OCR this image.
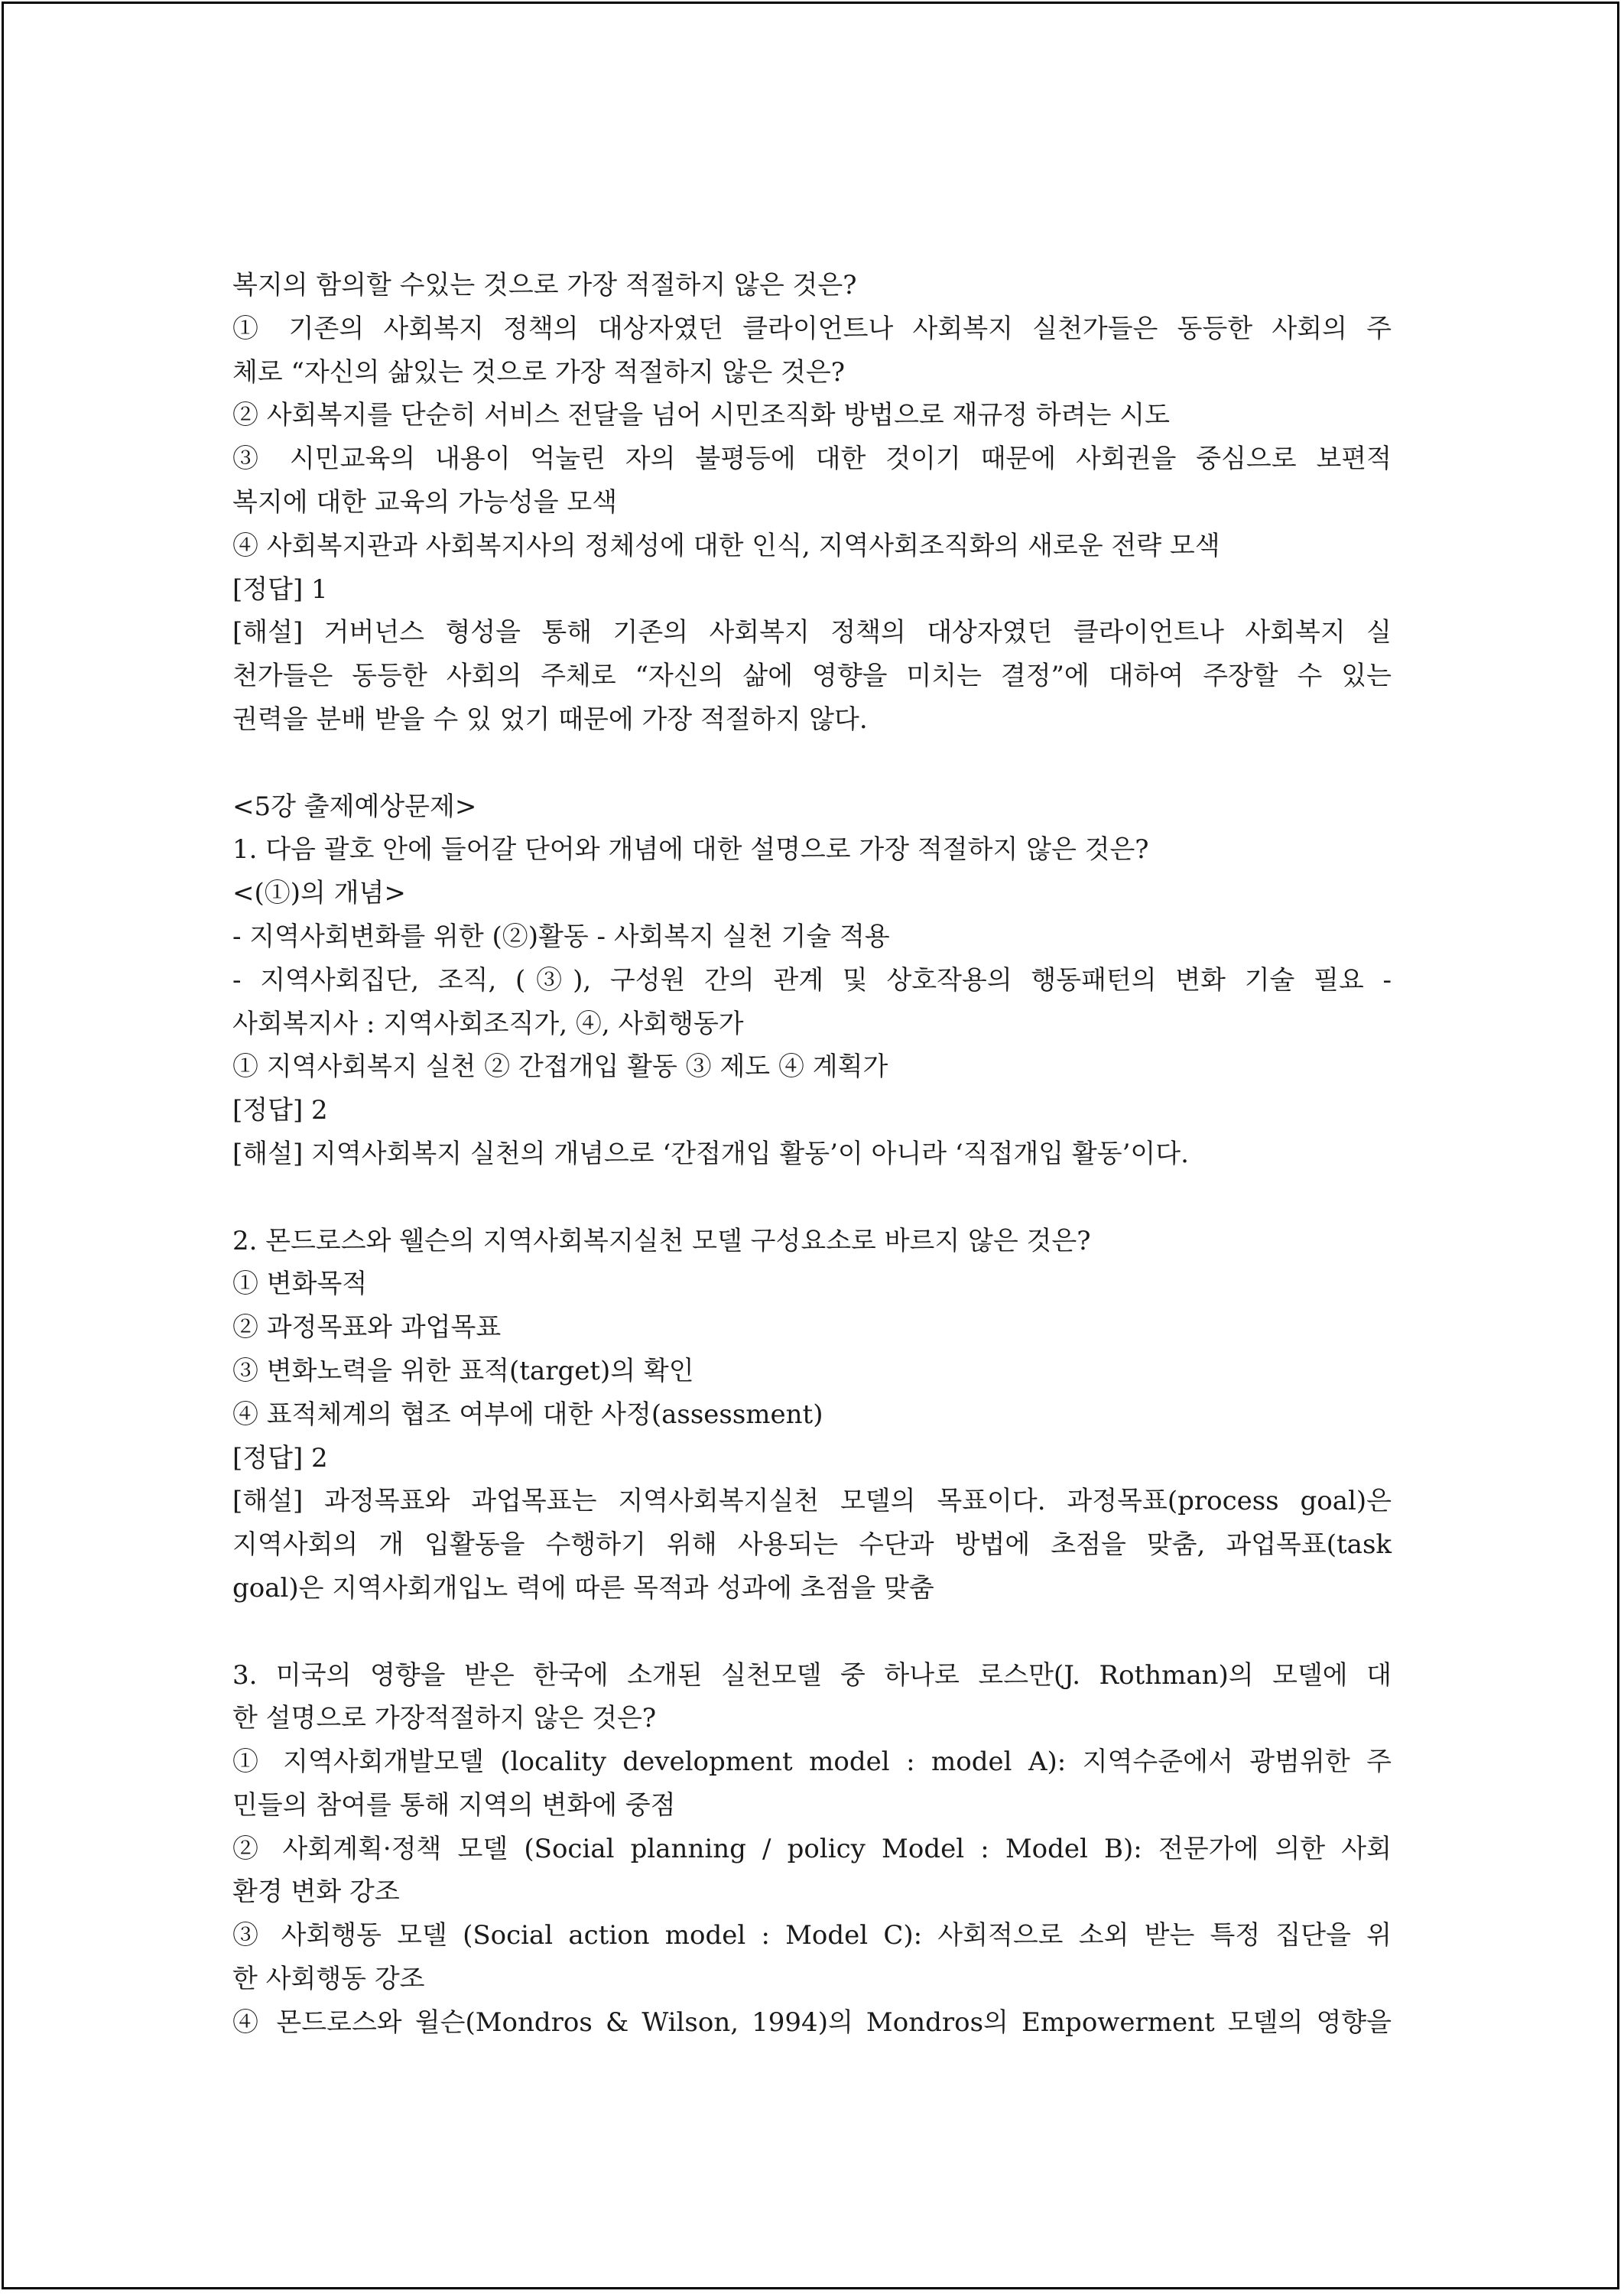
복지의 함의할 수있는 것으로 가장 적절하지 않은 것은?
① 기존의 사회복지 정책의 대상자였던 클라이언트나 사회복지 실천가들은 동등한 사회의 주
체로 “자신의 삶있는 것으로 가장 적절하지 않은 것은?
② 사회복지를 단순히 서비스 전달을 넘어 시민조직화 방법으로 재규정 하려는 시도
③ 시민교육의 내용이 억눌린 자의 불평등에 대한 것이기 때문에 사회권을 중심으로 보편적
복지에 대한 교육의 가능성을 모색
④ 사회복지관과 사회복지사의 정체성에 대한 인식, 지역사회조직화의 새로운 전략 모색
[정답] 1
[해설] 거버넌스 형성을 통해 기존의 사회복지 정책의 대상자였던 클라이언트나 사회복지 실
천가들은 동등한 사회의 주체로 “자신의 삶에 영향을 미치는 결정”에 대하여 주장할 수 있는
권력을 분배 받을 수 있 었기 때문에 가장 적절하지 않다.
<5강 출제예상문제>
1. 다음 괄호 안에 들어갈 단어와 개념에 대한 설명으로 가장 적절하지 않은 것은?
<(①)의 개념>
- 지역사회변화를 위한 (②)활동 - 사회복지 실천 기술 적용
- 지역사회집단, 조직, (③), 구성원 간의 관계 및 상호작용의 행동패턴의 변화 기술 필요 -
사회복지사 : 지역사회조직가, ④, 사회행동가
① 지역사회복지 실천 ② 간접개입 활동 ③ 제도 ④ 계획가
[정답] 2
[해설] 지역사회복지 실천의 개념으로 ‘간접개입 활동’이 아니라 ‘직접개입 활동’이다.
2. 몬드로스와 웰슨의 지역사회복지실천 모델 구성요소로 바르지 않은 것은?
① 변화목적
② 과정목표와 과업목표
③ 변화노력을 위한 표적(target)의 확인
④ 표적체계의 협조 여부에 대한 사정(assessment)
[정답] 2
[해설] 과정목표와 과업목표는 지역사회복지실천 모델의 목표이다. 과정목표(process goal)은
지역사회의 개 입활동을 수행하기 위해 사용되는 수단과 방법에 초점을 맞춤, 과업목표(task
goal)은 지역사회개입노 력에 따른 목적과 성과에 초점을 맞춤
3. 미국의 영향을 받은 한국에 소개된 실천모델 중 하나로 로스만(J. Rothman)의 모델에 대
한 설명으로 가장적절하지 않은 것은?
① 지역사회개발모델 (locality development model : model A): 지역수준에서 광범위한 주
민들의 참여를 통해 지역의 변화에 중점
② 사회계획·정책 모델 (Social planning / policy Model : Model B): 전문가에 의한 사회
환경 변화 강조
③ 사회행동 모델 (Social action model : Model C): 사회적으로 소외 받는 특정 집단을 위
한 사회행동 강조
④ 몬드로스와 윌슨(Mondros & Wilson, 1994)의 Mondros의 Empowerment 모델의 영향을
